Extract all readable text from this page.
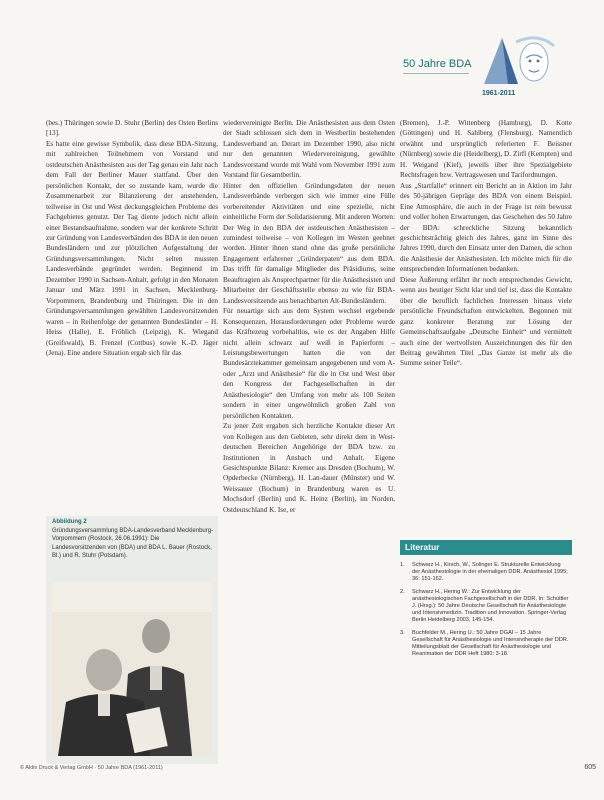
50 Jahre BDA
1961-2011

(bes.) Thüringen sowie D. Stuhr (Berlin) des Osten Berlins [13].

Es hatte eine gewisse Symbolik, dass diese BDA-Sitzung, mit zahlreichen Teilnehmern von Vorstand und ostdeutschen Anästhesisten aus der Tag genau ein Jahr nach dem Fall der Berliner Mauer stattfand. Über den persönlichen Kontakt, der so zustande kam, wurde die Zusammenarbeit zur Bilanzierung der anstehenden, teilweise in Ost und West deckungsgleichen Probleme des Fachgebietes genutzt. Der Tag diente jedoch nicht allein einer Bestandsaufnahme, sondern war der konkrete Schritt zur Gründung von Landesverbänden des BDA in den neuen Bundesländern und zur plötzlichen Aufgestaltung der Gründungsversammlungen. Nicht selten mussten Landesverbände gegründet werden. Beginnend im Dezember 1990 in Sachsen-Anhalt, gefolgt in den Monaten Januar und März 1991 in Sachsen, Mecklenburg-Vorpommern, Brandenburg und Thüringen. Die in den Gründungsversammlungen gewählten Landesvorsitzenden waren – in Reihenfolge der genannten Bundesländer – H. Heiss (Halle), E. Fröhlich (Leipzig), K. Wiegand (Greifswald), B. Frenzel (Cottbus) sowie K.-D. Jäger (Jena). Eine andere Situation ergab sich für das

Abbildung 2
Gründungsversammlung BDA-Landesverband Mecklenburg-Vorpommern (Rostock, 26.06.1991): Die Landesvorsitzenden von (BDA) und BDA L. Bauer (Rostock, Bl.) und R. Stuhr (Potsdam).

wiedervereinigte Berlin. Die Anästhesisten aus dem Osten der Stadt schlossen sich dem in Westberlin bestehenden Landesverband an. Derart im Dezember 1990, also nicht nur den genannten Wiedervereinigung, gewählte Landesvorstand wurde mit Wahl vom November 1991 zum Vorstand für Gesamtberlin.

Hinter den offiziellen Gründungsdaten der neuen Landesverbände verbergen sich wie immer eine Fülle vorbereitender Aktivitäten und eine spezielle, nicht einheitliche Form der Solidarisierung. Mit anderen Worten: Der Weg in den BDA der ostdeutschen Anästhesisten – zumindest teilweise – von Kollegen im Westen geebnet worden. Hinter ihnen stand ohne das große persönliche Engagement erfahrener „Gründerpaten“ aus dem BDA. Das trifft für damalige Mitglieder des Präsidiums, seine Beauftragten als Ansprechpartner für die Anästhesisten und Mitarbeiter der Geschäftsstelle ebenso zu wie für BDA-Landesvorsitzende aus benachbarten Alt-Bundesländern.

Für neuartige sich aus dem System wechsel ergebende Konsequenzen, Herausforderungen oder Probleme wurde das Kräftezeug vorbehaltlos, wie es der Angaben Hilfe nicht allein schwarz auf weiß in Papierform – Leistungsbewertungen hatten die von der Bundesärztekammer gemeinsam angegebenen und vom A- oder „Arzt und Anästhesie“ für die in Ost und West über den Kongress der Fachgesellschaften in der Anästhesiologie“ den Umfang von mehr als 100 Seiten sondern in einer ungewöhnlich großen Zahl von persönlichen Kontakten.

Zu jener Zeit ergaben sich herzliche Kontakte dieser Art von Kollegen aus den Gebieten, sehr direkt dem in West-deutschen Bereichen Angehörige der BDA bzw. zu Institutionen in Ansbach und Anhalt. Eigene Gesichtspunkte Bilanz: Kremer aus Dresden (Bochum), W. Opderbecke (Nürnberg), H. Lan-dauer (Münster) und W. Weissauer (Bochum) in Brandenburg waren es U. Mochsdorf (Berlin) und K. Heinz (Berlin), im Norden, Ostdeutschland K. Ise, er

(Bremen), J.-P. Wittenberg (Hamburg), D. Kotte (Göttingen) und H. Sahlberg (Flensburg). Namentlich erwähnt und ursprünglich referierten F. Beissner (Nürnberg) sowie die (Heidelberg), D. Zirfl (Kempten) und H. Weigand (Kiel), jeweils über ihre Spezialgebiete Rechtsfragen bzw. Vertragswesen und Tarifordnungen.

Aus „Startfalle“ erinnert ein Bericht an in Aktion im Jahr des 50-jährigen Gepräge des BDA von einem Beispiel. Eine Atmosphäre, die auch in der Frage ist rein bewusst und voller hohen Erwartungen, das Geschehen des 50 Jahre der BDA: schreckliche Sitzung bekanntlich geschichtsträchtig gleich des Jahres, ganz im Sinne des Jahres 1990, durch den Einsatz unter den Damen, die schon die Anästhesie der Anästhesisten. Ich möchte mich für die entsprechenden Informationen bedanken.

Diese Äußerung erfährt ihr noch entsprechendes Gewicht, wenn aus heutiger Sicht klar und tief ist, dass die Kontakte über die beruflich fachlichen Interessen hinaus viele persönliche Freundschaften entwickelten. Begonnen mit ganz konkreter Beratung zur Lösung der Gemeinschaftsaufgabe „Deutsche Einheit“ und vermittelt auch eine der wertvollsten Auszeichnungen des für den Beitrag gewährten Titel „Das Ganze ist mehr als die Summe seiner Teile“.

Literatur
1.	Schwarz H., Kirsch, W., Solinger E. Strukturelle Entwicklung der Anästhesiologie in der ehemaligen DDR. Anästhesiol 1995; 36: 151-162.
2.	Schwarz H., Hering W.: Zur Entwicklung der anästhesiologischen Fachgesellschaft in der DDR. In: Schüttler J. (Hrsg.): 50 Jahre Deutsche Gesellschaft für Anästhesiologie und Intensivmedizin. Tradition und Innovation. Springer-Verlag Berlin Heidelberg 2003, 145-154.
3.	Buchfelder M., Hering U.: 50 Jahre DGAI – 15 Jahre Gesellschaft für Anästhesiologie und Intensivtherapie der DDR. Mitteilungsblatt der Gesellschaft für Anästhesiologie und Reanimation der DDR Heft 1980: 3-18.
© Aktiv Druck & Verlag GmbH · 50 Jahre BDA (1961-2011)	605
